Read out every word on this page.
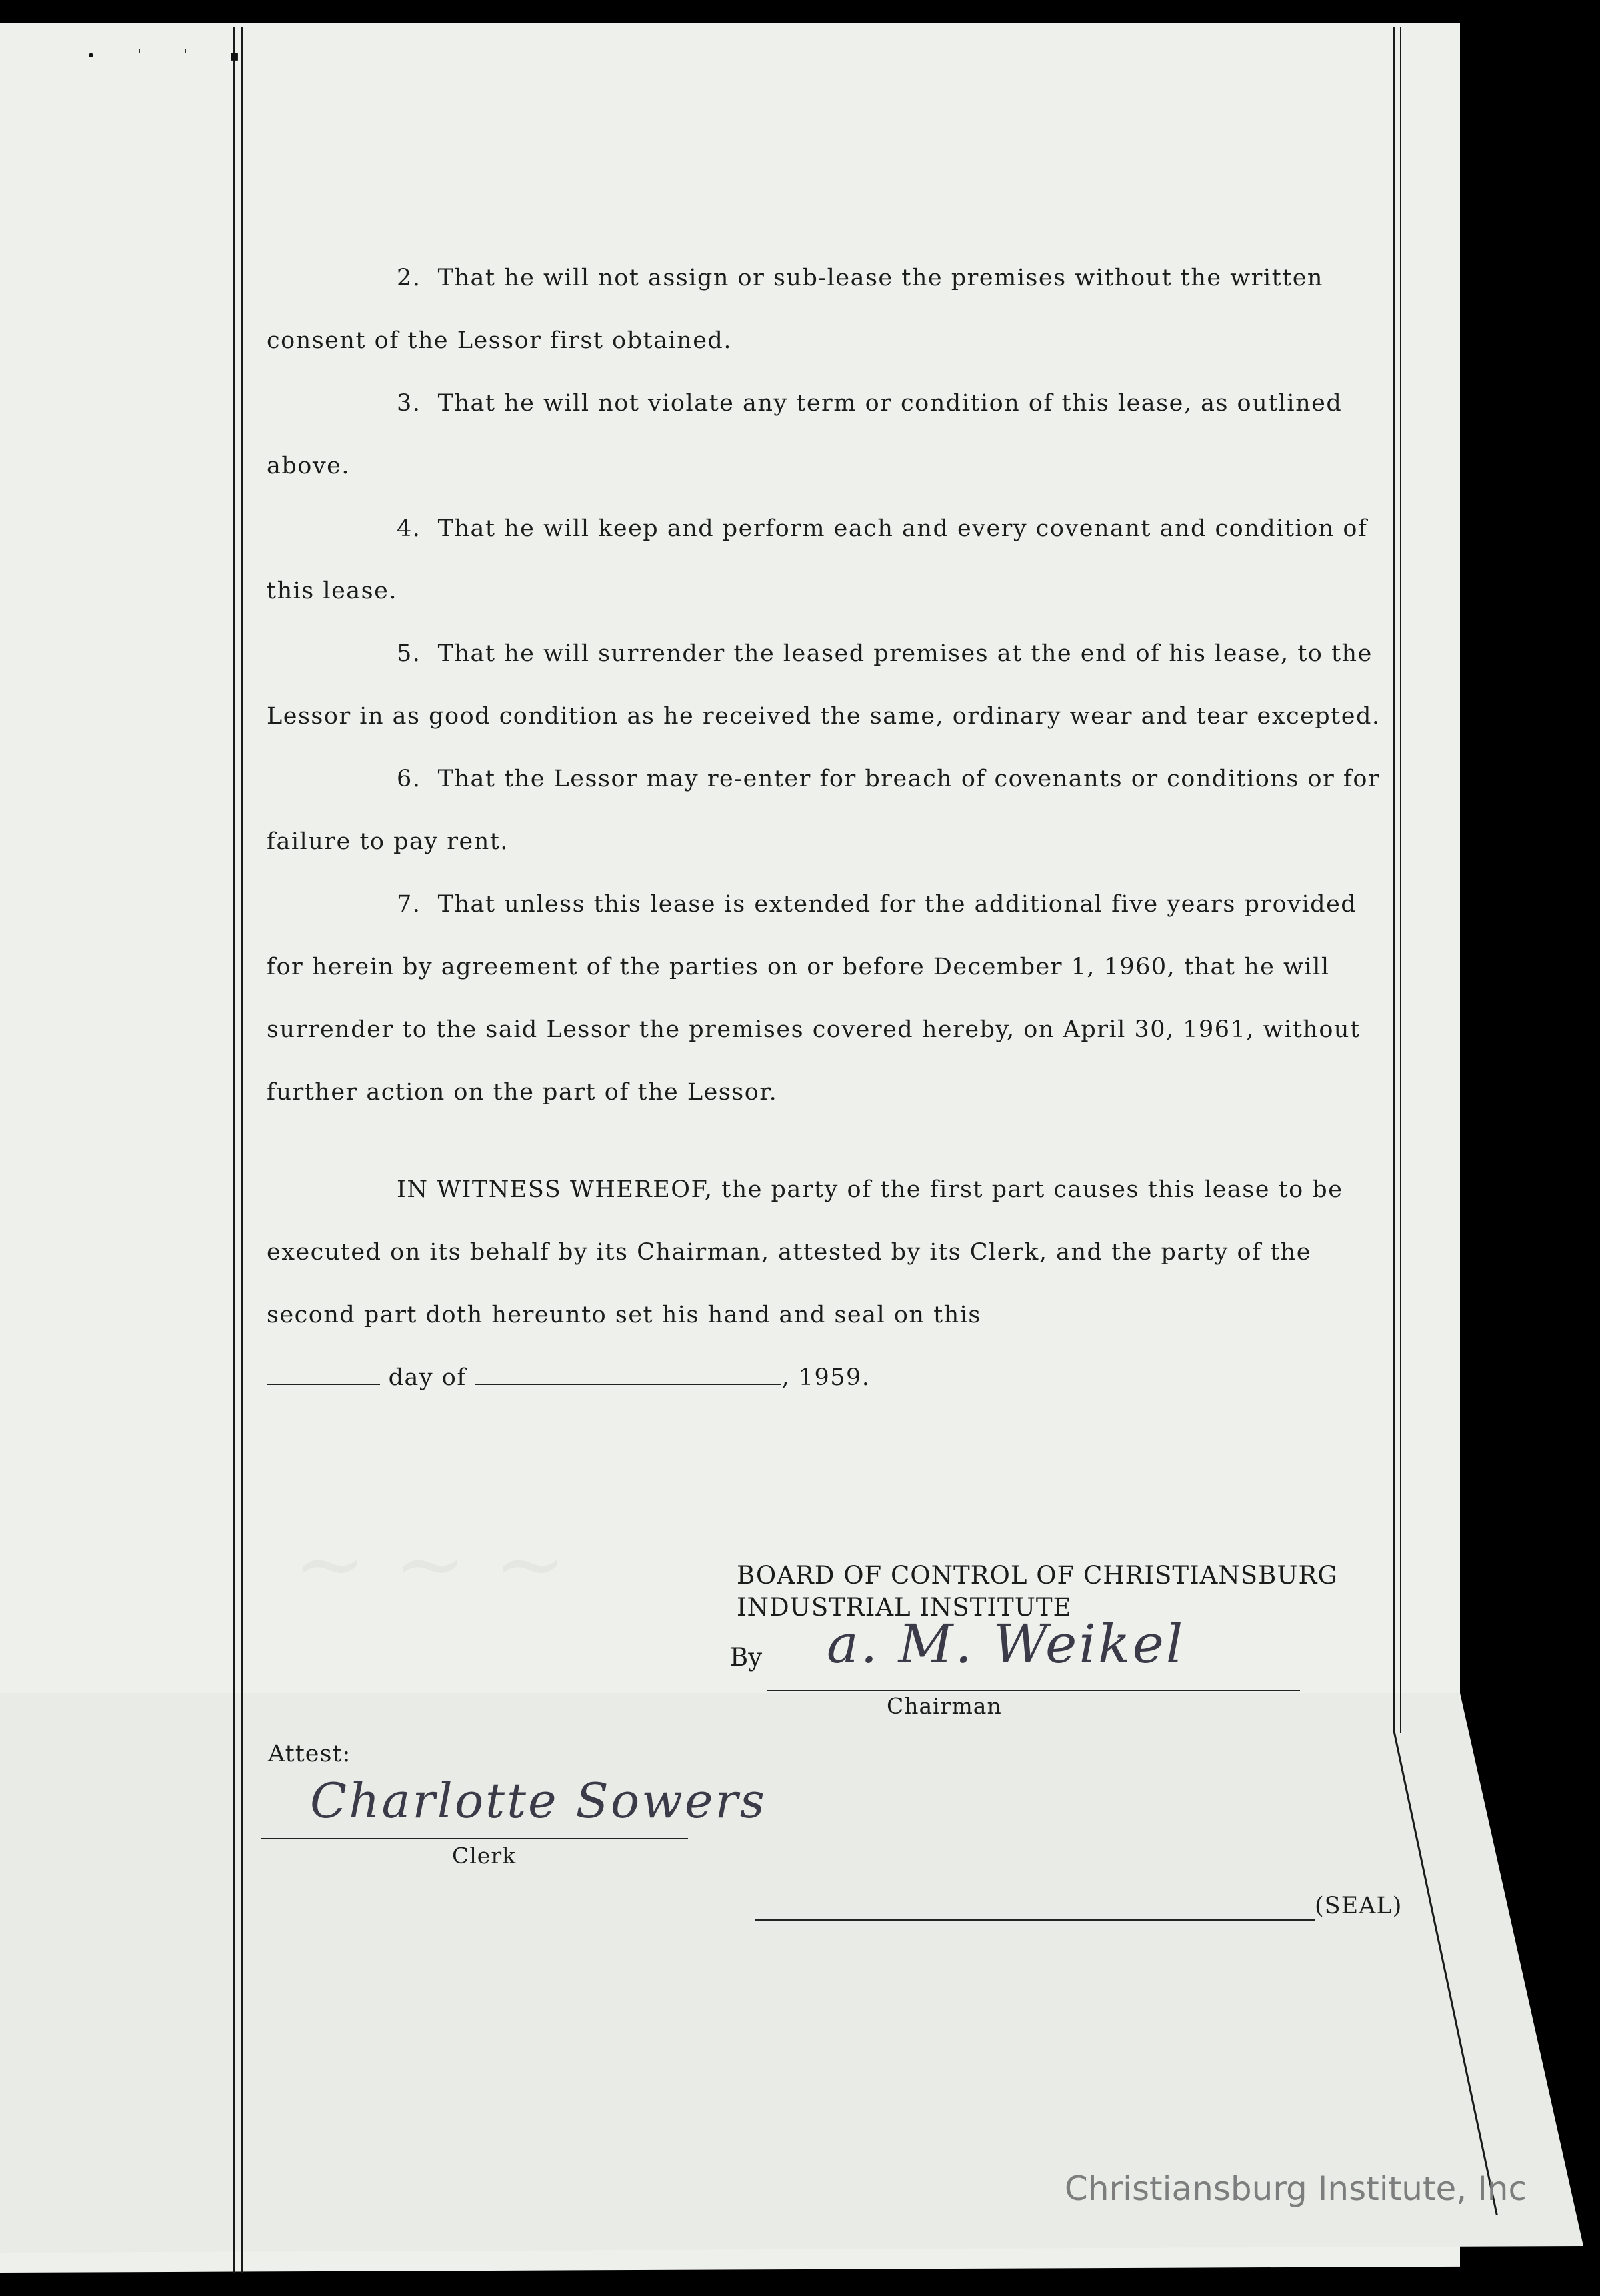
• ˈ ˈ ▪
~ ~ ~

2. That he will not assign or sub-lease the premises without the written consent of the Lessor first obtained.

3. That he will not violate any term or condition of this lease, as outlined above.

4. That he will keep and perform each and every covenant and condition of this lease.

5. That he will surrender the leased premises at the end of his lease, to the Lessor in as good condition as he received the same, ordinary wear and tear excepted.

6. That the Lessor may re-enter for breach of covenants or conditions or for failure to pay rent.

7. That unless this lease is extended for the additional five years provided for herein by agreement of the parties on or before December 1, 1960, that he will surrender to the said Lessor the premises covered hereby, on April 30, 1961, without further action on the part of the Lessor.

IN WITNESS WHEREOF, the party of the first part causes this lease to be executed on its behalf by its Chairman, attested by its Clerk, and the party of the second part doth hereunto set his hand and seal on this

day of	, 1959.

BOARD OF CONTROL OF CHRISTIANSBURG
INDUSTRIAL INSTITUTE
By a. M. Weikel
Chairman
Attest:
Charlotte Sowers
Clerk
(SEAL)
Christiansburg Institute, Inc
